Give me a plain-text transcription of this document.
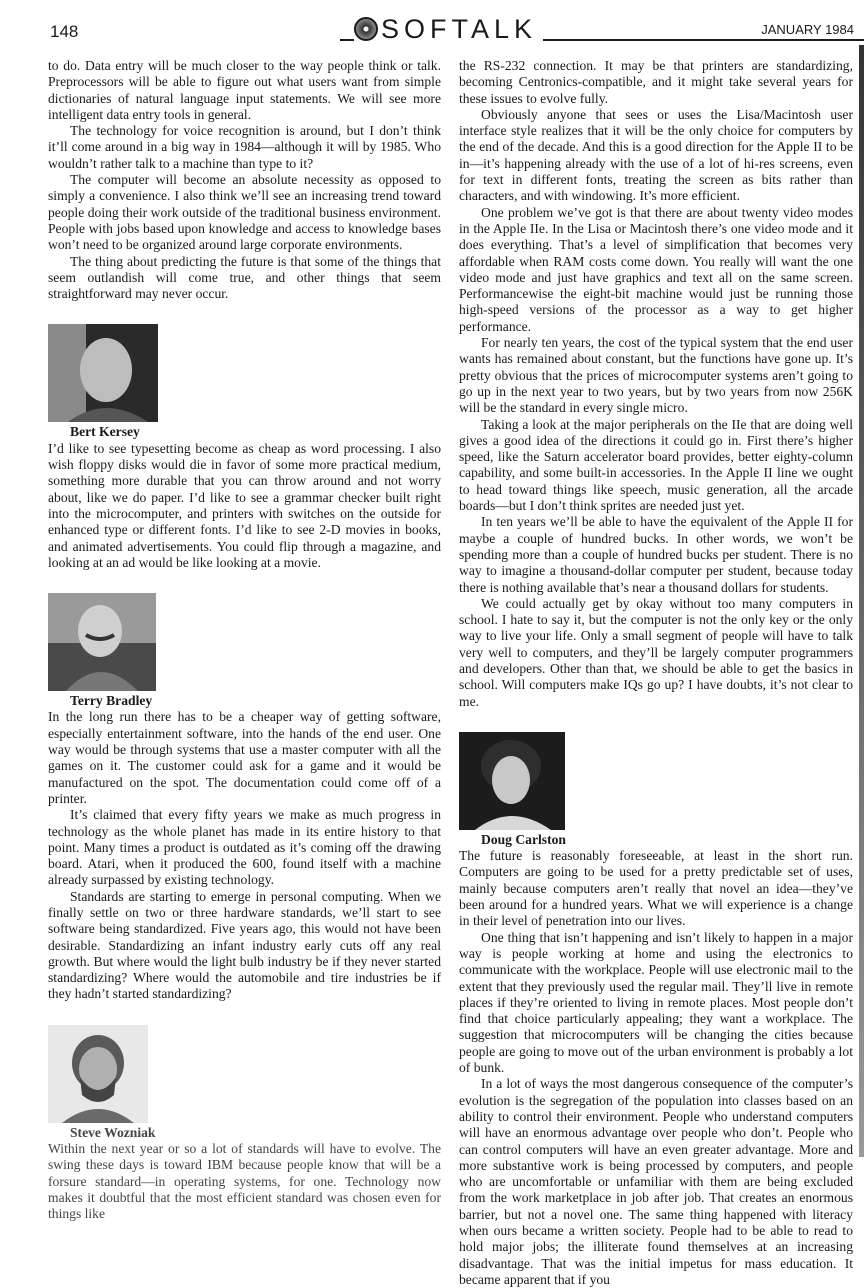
148	SOFTALK	JANUARY 1984

to do. Data entry will be much closer to the way people think or talk. Preprocessors will be able to figure out what users want from simple dictionaries of natural language input statements. We will see more intelligent data entry tools in general.

The technology for voice recognition is around, but I don’t think it’ll come around in a big way in 1984—although it will by 1985. Who wouldn’t rather talk to a machine than type to it?

The computer will become an absolute necessity as opposed to simply a convenience. I also think we’ll see an increasing trend toward people doing their work outside of the traditional business environment. People with jobs based upon knowledge and access to knowledge bases won’t need to be organized around large corporate environments.

The thing about predicting the future is that some of the things that seem outlandish will come true, and other things that seem straightforward may never occur.

Bert Kersey

I’d like to see typesetting become as cheap as word processing. I also wish floppy disks would die in favor of some more practical medium, something more durable that you can throw around and not worry about, like we do paper. I’d like to see a grammar checker built right into the microcomputer, and printers with switches on the outside for enhanced type or different fonts. I’d like to see 2-D movies in books, and animated advertisements. You could flip through a magazine, and looking at an ad would be like looking at a movie.

Terry Bradley

In the long run there has to be a cheaper way of getting software, especially entertainment software, into the hands of the end user. One way would be through systems that use a master computer with all the games on it. The customer could ask for a game and it would be manufactured on the spot. The documentation could come off of a printer.

It’s claimed that every fifty years we make as much progress in technology as the whole planet has made in its entire history to that point. Many times a product is outdated as it’s coming off the drawing board. Atari, when it produced the 600, found itself with a machine already surpassed by existing technology.

Standards are starting to emerge in personal computing. When we finally settle on two or three hardware standards, we’ll start to see software being standardized. Five years ago, this would not have been desirable. Standardizing an infant industry early cuts off any real growth. But where would the light bulb industry be if they never started standardizing? Where would the automobile and tire industries be if they hadn’t started standardizing?

Steve Wozniak

Within the next year or so a lot of standards will have to evolve. The swing these days is toward IBM because people know that will be a forsure standard—in operating systems, for one. Technology now makes it doubtful that the most efficient standard was chosen even for things like

the RS-232 connection. It may be that printers are standardizing, becoming Centronics-compatible, and it might take several years for these issues to evolve fully.

Obviously anyone that sees or uses the Lisa/Macintosh user interface style realizes that it will be the only choice for computers by the end of the decade. And this is a good direction for the Apple II to be in—it’s happening already with the use of a lot of hi-res screens, even for text in different fonts, treating the screen as bits rather than characters, and with windowing. It’s more efficient.

One problem we’ve got is that there are about twenty video modes in the Apple IIe. In the Lisa or Macintosh there’s one video mode and it does everything. That’s a level of simplification that becomes very affordable when RAM costs come down. You really will want the one video mode and just have graphics and text all on the same screen. Performancewise the eight-bit machine would just be running those high-speed versions of the processor as a way to get higher performance.

For nearly ten years, the cost of the typical system that the end user wants has remained about constant, but the functions have gone up. It’s pretty obvious that the prices of microcomputer systems aren’t going to go up in the next year to two years, but by two years from now 256K will be the standard in every single micro.

Taking a look at the major peripherals on the IIe that are doing well gives a good idea of the directions it could go in. First there’s higher speed, like the Saturn accelerator board provides, better eighty-column capability, and some built-in accessories. In the Apple II line we ought to head toward things like speech, music generation, all the arcade boards—but I don’t think sprites are needed just yet.

In ten years we’ll be able to have the equivalent of the Apple II for maybe a couple of hundred bucks. In other words, we won’t be spending more than a couple of hundred bucks per student. There is no way to imagine a thousand-dollar computer per student, because today there is nothing available that’s near a thousand dollars for students.

We could actually get by okay without too many computers in school. I hate to say it, but the computer is not the only key or the only way to live your life. Only a small segment of people will have to talk very well to computers, and they’ll be largely computer programmers and developers. Other than that, we should be able to get the basics in school. Will computers make IQs go up? I have doubts, it’s not clear to me.

Doug Carlston

The future is reasonably foreseeable, at least in the short run. Computers are going to be used for a pretty predictable set of uses, mainly because computers aren’t really that novel an idea—they’ve been around for a hundred years. What we will experience is a change in their level of penetration into our lives.

One thing that isn’t happening and isn’t likely to happen in a major way is people working at home and using the electronics to communicate with the workplace. People will use electronic mail to the extent that they previously used the regular mail. They’ll live in remote places if they’re oriented to living in remote places. Most people don’t find that choice particularly appealing; they want a workplace. The suggestion that microcomputers will be changing the cities because people are going to move out of the urban environment is probably a lot of bunk.

In a lot of ways the most dangerous consequence of the computer’s evolution is the segregation of the population into classes based on an ability to control their environment. People who understand computers will have an enormous advantage over people who don’t. People who can control computers will have an even greater advantage. More and more substantive work is being processed by computers, and people who are uncomfortable or unfamiliar with them are being excluded from the work marketplace in job after job. That creates an enormous barrier, but not a novel one. The same thing happened with literacy when ours became a written society. People had to be able to read to hold major jobs; the illiterate found themselves at an increasing disadvantage. That was the initial impetus for mass education. It became apparent that if you
